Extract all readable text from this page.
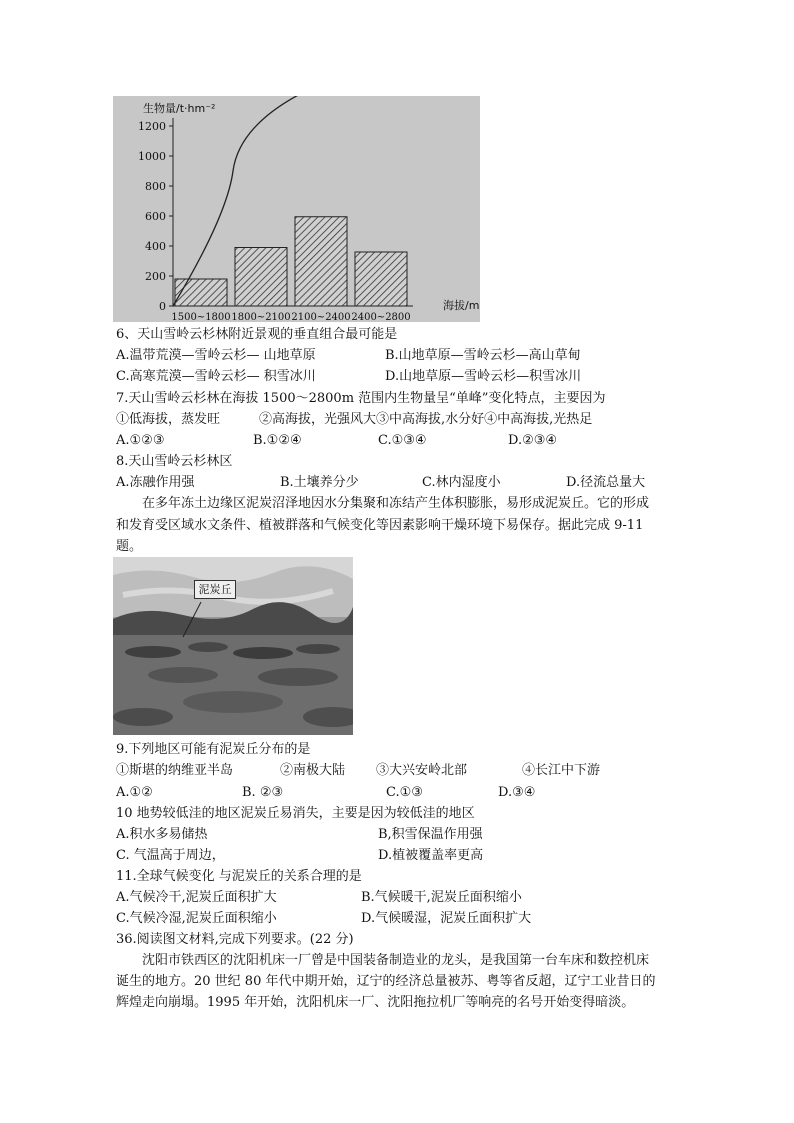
0
200
400
600
800
1000
1200
生物量/t·hm⁻²
海拔/m
1500~1800 1800~2100 2100~2400 2400~2800
6、天山雪岭云杉林附近景观的垂直组合最可能是
A.温带荒漠—雪岭云杉— 山地草原	B.山地草原—雪岭云杉—高山草甸
C.高寒荒漠—雪岭云杉— 积雪冰川	D.山地草原—雪岭云杉—积雪冰川
7.天山雪岭云杉林在海拔 1500～2800m 范围内生物量呈“单峰”变化特点，主要因为
①低海拔，蒸发旺　　　②高海拔，光强风大③中高海拔,水分好④中高海拔,光热足
A.①②③	B.①②④	C.①③④	D.②③④
8.天山雪岭云杉林区
A.冻融作用强	B.土壤养分少	C.林内湿度小	D.径流总量大
在多年冻土边缘区泥炭沼泽地因水分集聚和冻结产生体积膨胀，易形成泥炭丘。它的形成
和发育受区域水文条件、植被群落和气候变化等因素影响干燥环境下易保存。据此完成 9-11
题。
泥炭丘
9.下列地区可能有泥炭丘分布的是
①斯堪的纳维亚半岛	②南极大陆 ③大兴安岭北部	④长江中下游
A.①②	B. ②③	C.①③	D.③④
10 地势较低洼的地区泥炭丘易消失，主要是因为较低洼的地区
A.积水多易储热	B,积雪保温作用强
C. 气温高于周边，	D.植被覆盖率更高
11.全球气候变化 与泥炭丘的关系合理的是
A.气候冷干,泥炭丘面积扩大	B.气候暖干,泥炭丘面积缩小
C.气候冷湿,泥炭丘面积缩小	D.气候暖湿，泥炭丘面积扩大
36.阅读图文材料,完成下列要求。(22 分)
沈阳市铁西区的沈阳机床一厂曾是中国装备制造业的龙头，是我国第一台车床和数控机床
诞生的地方。20 世纪 80 年代中期开始，辽宁的经济总量被苏、粤等省反超，辽宁工业昔日的
辉煌走向崩塌。1995 年开始，沈阳机床一厂、沈阳拖拉机厂等响亮的名号开始变得暗淡。
